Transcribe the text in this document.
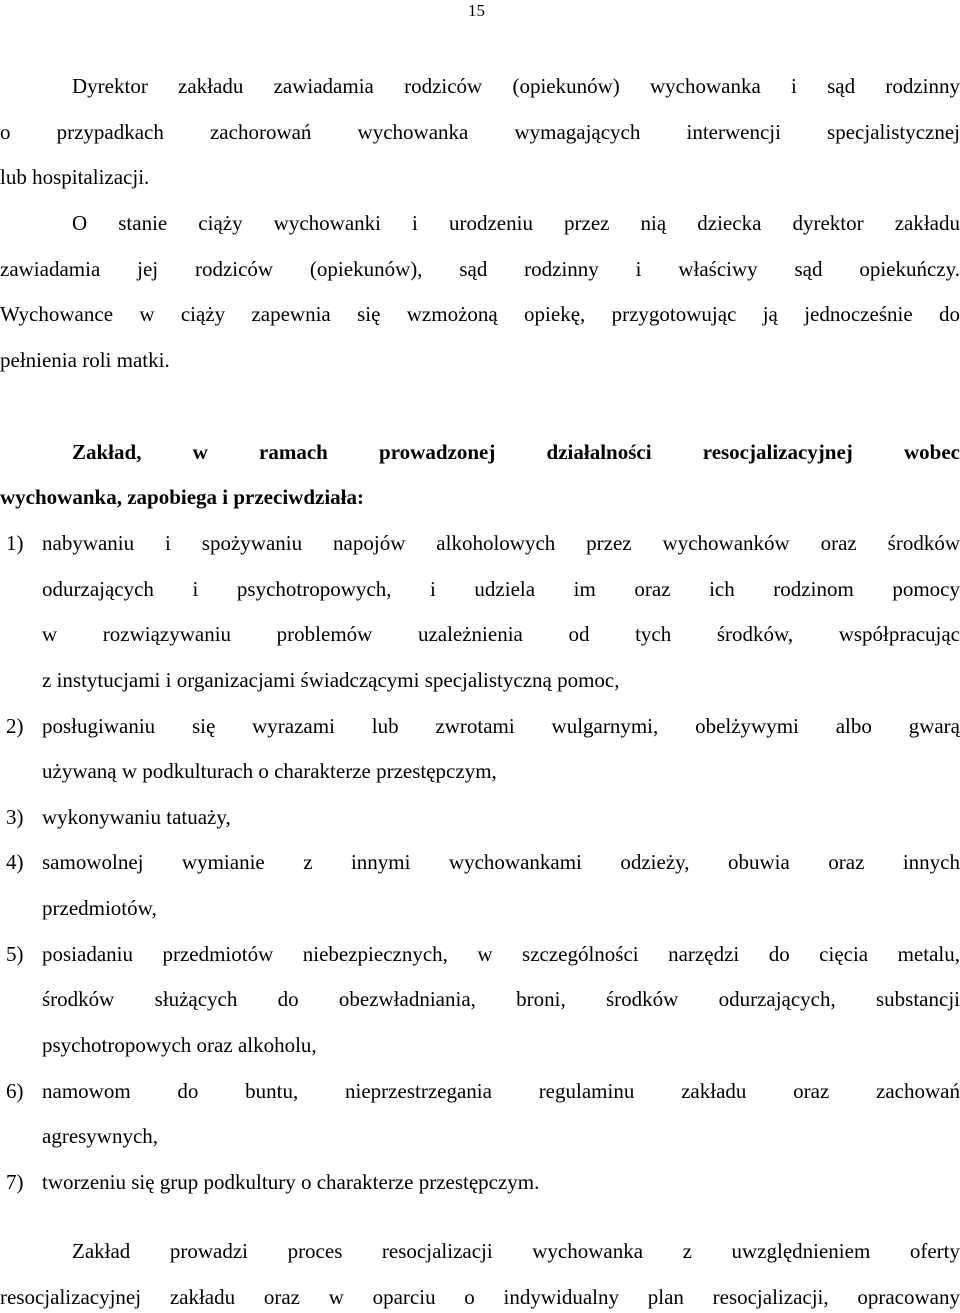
15
Dyrektor zakładu zawiadamia rodziców (opiekunów) wychowanka i sąd rodzinny
o przypadkach zachorowań wychowanka wymagających interwencji specjalistycznej
lub hospitalizacji.
O stanie ciąży wychowanki i urodzeniu przez nią dziecka dyrektor zakładu
zawiadamia jej rodziców (opiekunów), sąd rodzinny i właściwy sąd opiekuńczy.
Wychowance w ciąży zapewnia się wzmożoną opiekę, przygotowując ją jednocześnie do
pełnienia roli matki.
Zakład, w ramach prowadzonej działalności resocjalizacyjnej wobec
wychowanka, zapobiega i przeciwdziała:
1) nabywaniu i spożywaniu napojów alkoholowych przez wychowanków oraz środków
odurzających i psychotropowych, i udziela im oraz ich rodzinom pomocy
w rozwiązywaniu problemów uzależnienia od tych środków, współpracując
z instytucjami i organizacjami świadczącymi specjalistyczną pomoc,
2) posługiwaniu się wyrazami lub zwrotami wulgarnymi, obelżywymi albo gwarą
używaną w podkulturach o charakterze przestępczym,
3) wykonywaniu tatuaży,
4) samowolnej wymianie z innymi wychowankami odzieży, obuwia oraz innych
przedmiotów,
5) posiadaniu przedmiotów niebezpiecznych, w szczególności narzędzi do cięcia metalu,
środków służących do obezwładniania, broni, środków odurzających, substancji
psychotropowych oraz alkoholu,
6) namowom do buntu, nieprzestrzegania regulaminu zakładu oraz zachowań
agresywnych,
7) tworzeniu się grup podkultury o charakterze przestępczym.
Zakład prowadzi proces resocjalizacji wychowanka z uwzględnieniem oferty
resocjalizacyjnej zakładu oraz w oparciu o indywidualny plan resocjalizacji, opracowany
